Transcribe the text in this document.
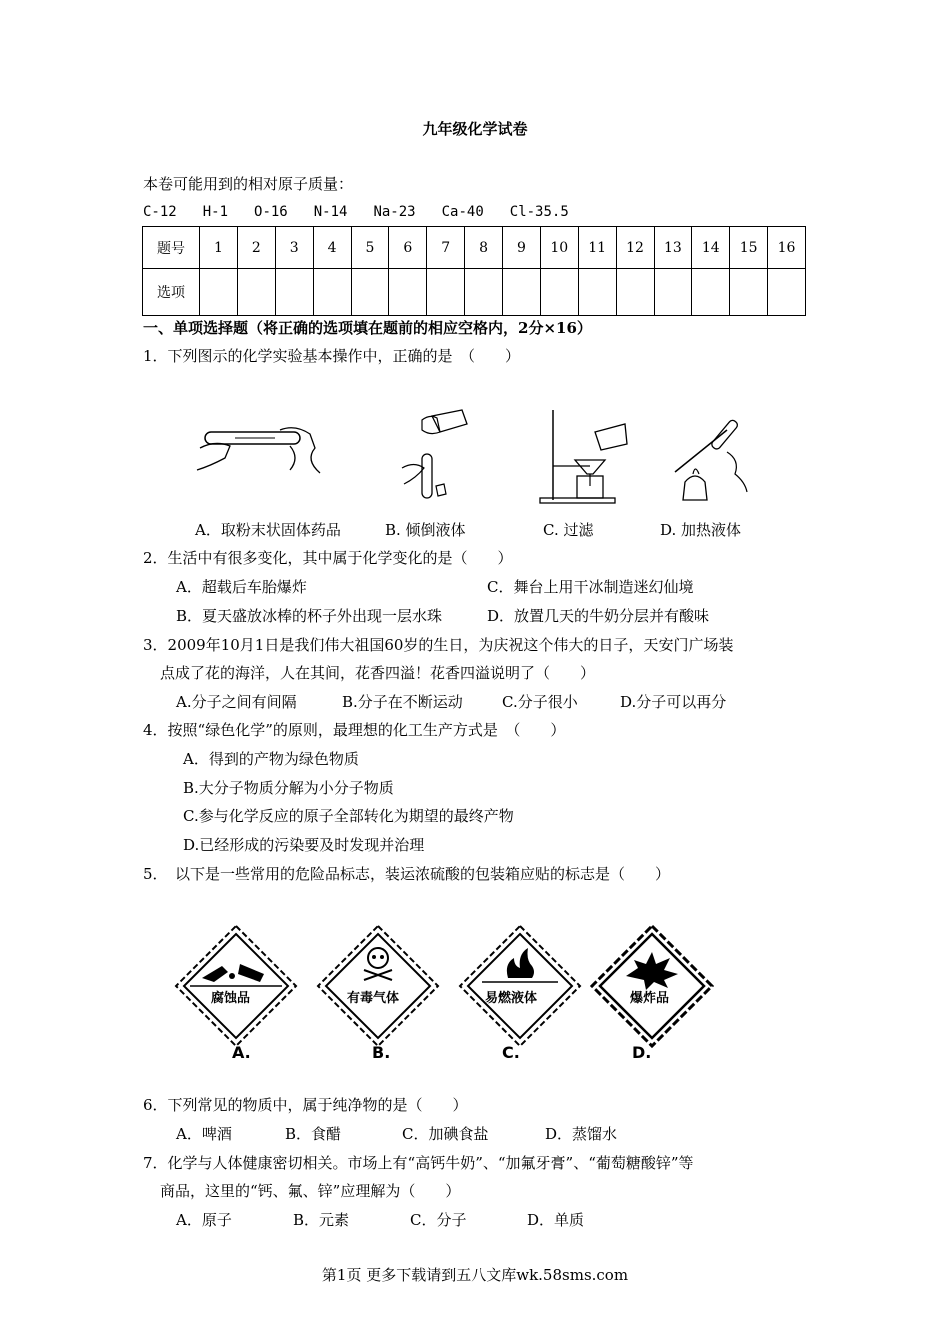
九年级化学试卷
本卷可能用到的相对原子质量：
C-12 H-1 O-16 N-14 Na-23 Ca-40 Cl-35.5
题号	1	2	3	4	5	6	7	8	9	10	11	12	13	14	15	16
选项																
一、单项选择题（将正确的选项填在题前的相应空格内，2分×16）
1．下列图示的化学实验基本操作中，正确的是　（　　）
A．取粉末状固体药品	B. 倾倒液体	C. 过滤	D. 加热液体
2．生活中有很多变化，其中属于化学变化的是（　　）
A．超载后车胎爆炸	C．舞台上用干冰制造迷幻仙境
B．夏天盛放冰棒的杯子外出现一层水珠	D．放置几天的牛奶分层并有酸味
3．2009年10月1日是我们伟大祖国60岁的生日，为庆祝这个伟大的日子，天安门广场装
点成了花的海洋，人在其间，花香四溢！花香四溢说明了（　　）
A.分子之间有间隔	B.分子在不断运动	C.分子很小	D.分子可以再分
4．按照“绿色化学”的原则，最理想的化工生产方式是　（　　）
A．得到的产物为绿色物质
B.大分子物质分解为小分子物质
C.参与化学反应的原子全部转化为期望的最终产物
D.已经形成的污染要及时发现并治理
5．　以下是一些常用的危险品标志，装运浓硫酸的包装箱应贴的标志是（　　）
腐蚀品	有毒气体	易燃液体	爆炸品
A.	B.	C.	D.
6．下列常见的物质中，属于纯净物的是（　　）
A．啤酒	B．食醋	C．加碘食盐	D．蒸馏水
7．化学与人体健康密切相关。市场上有“高钙牛奶”、“加氟牙膏”、“葡萄糖酸锌”等
商品，这里的“钙、氟、锌”应理解为（　　）
A．原子	B．元素	C．分子	D．单质
第1页 更多下载请到五八文库wk.58sms.com
